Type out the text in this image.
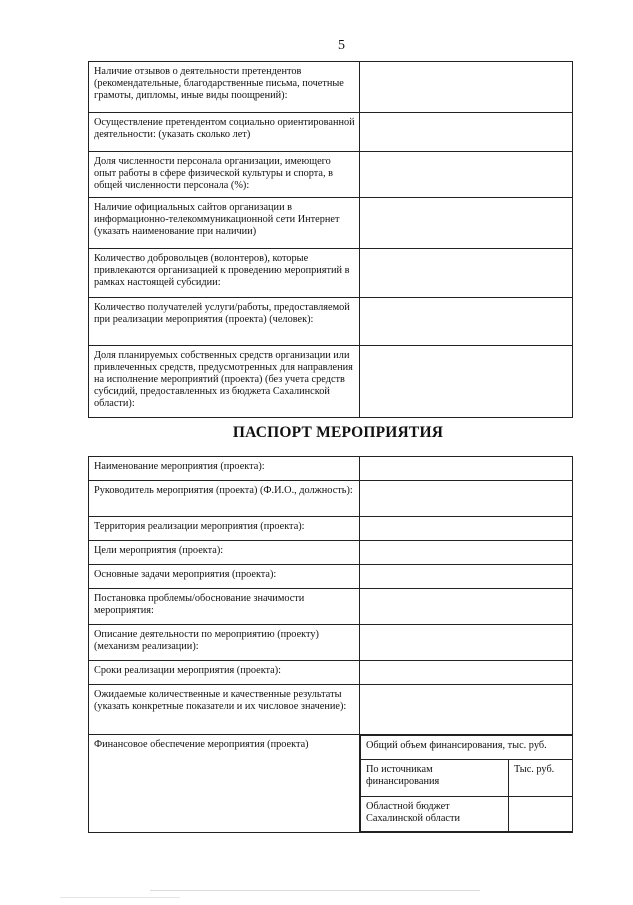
5
Наличие отзывов о деятельности претендентов (рекомендательные, благодарственные письма, почетные грамоты, дипломы, иные виды поощрений):	
Осуществление претендентом социально ориентированной деятельности: (указать сколько лет)	
Доля численности персонала организации, имеющего опыт работы в сфере физической культуры и спорта, в общей численности персонала (%):	
Наличие официальных сайтов организации в информационно-телекоммуникационной сети Интернет (указать наименование при наличии)	
Количество добровольцев (волонтеров), которые привлекаются организацией к проведению мероприятий в рамках настоящей субсидии:	
Количество получателей услуги/работы, предоставляемой при реализации мероприятия (проекта) (человек):	
Доля планируемых собственных средств организации или привлеченных средств, предусмотренных для направления на исполнение мероприятий (проекта) (без учета средств субсидий, предоставленных из бюджета Сахалинской области):	
ПАСПОРТ МЕРОПРИЯТИЯ
Наименование мероприятия (проекта):	
Руководитель мероприятия (проекта) (Ф.И.О., должность):	
Территория реализации мероприятия (проекта):	
Цели мероприятия (проекта):	
Основные задачи мероприятия (проекта):	
Постановка проблемы/обоснование значимости мероприятия:	
Описание деятельности по мероприятию (проекту) (механизм реализации):	
Сроки реализации мероприятия (проекта):	
Ожидаемые количественные и качественные результаты (указать конкретные показатели и их числовое значение):	
Финансовое обеспечение мероприятия (проекта)		Общий объем финансирования, тыс. руб.
По источникам финансирования	Тыс. руб.
Областной бюджет Сахалинской области	
